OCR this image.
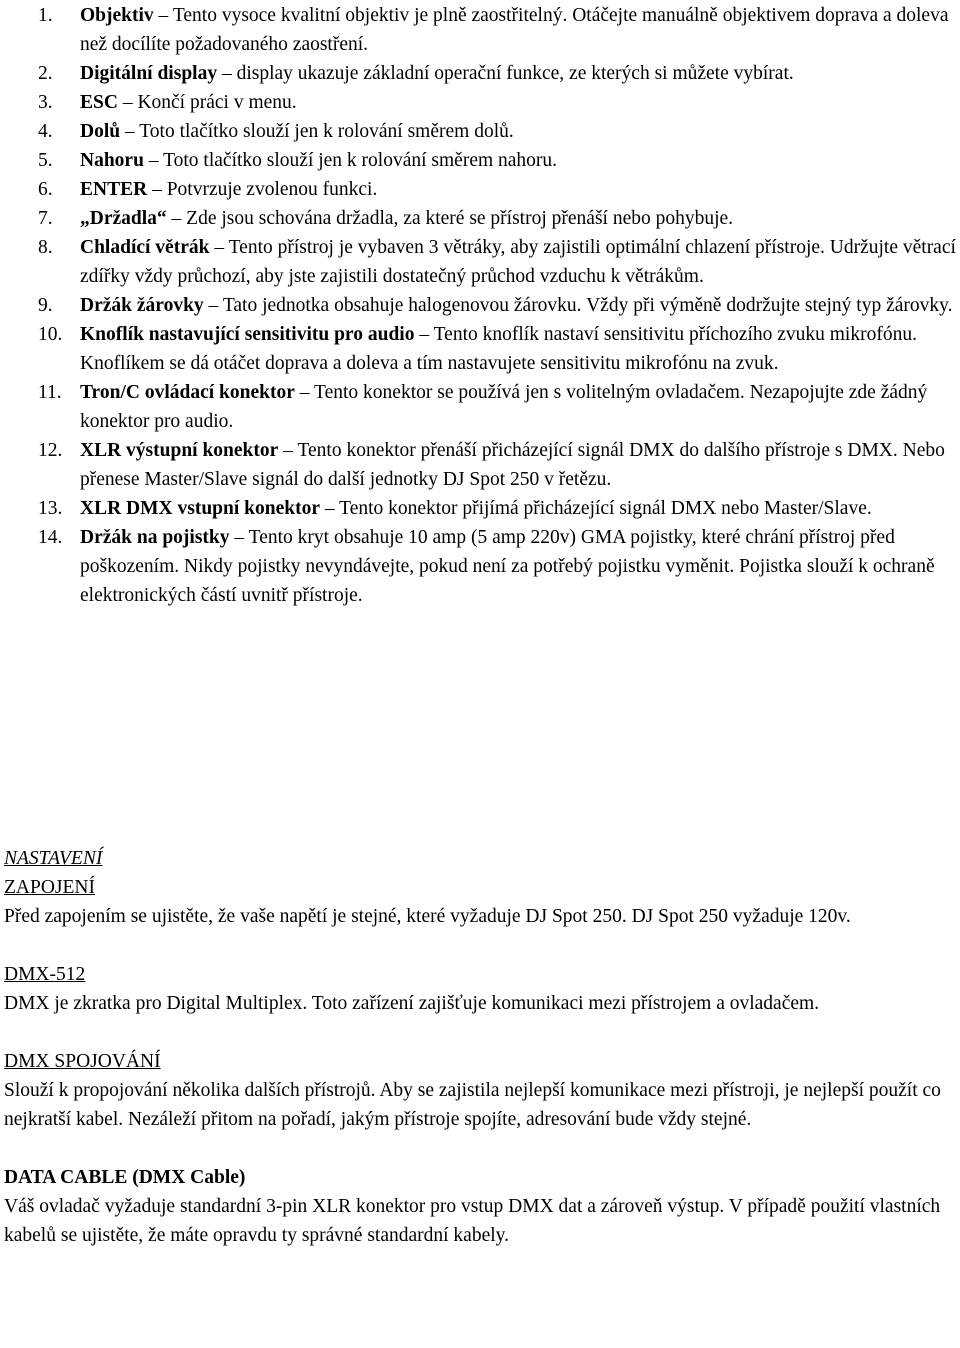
1.	Objektiv – Tento vysoce kvalitní objektiv je plně zaostřitelný. Otáčejte manuálně objektivem doprava a doleva než docílíte požadovaného zaostření.
2.	Digitální display – display ukazuje základní operační funkce, ze kterých si můžete vybírat.
3.	ESC – Končí práci v menu.
4.	Dolů – Toto tlačítko slouží jen k rolování směrem dolů.
5.	Nahoru – Toto tlačítko slouží jen k rolování směrem nahoru.
6.	ENTER – Potvrzuje zvolenou funkci.
7.	„Držadla“ – Zde jsou schována držadla, za které se přístroj přenáší nebo pohybuje.
8.	Chladící větrák – Tento přístroj je vybaven 3 větráky, aby zajistili optimální chlazení přístroje. Udržujte větrací zdířky vždy průchozí, aby jste zajistili dostatečný průchod vzduchu k větrákům.
9.	Držák žárovky – Tato jednotka obsahuje halogenovou žárovku. Vždy při výměně dodržujte stejný typ žárovky.
10. Knoflík nastavující sensitivitu pro audio – Tento knoflík nastaví sensitivitu příchozího zvuku mikrofónu. Knoflíkem se dá otáčet doprava a doleva a tím nastavujete sensitivitu mikrofónu na zvuk.
11. Tron/C ovládací konektor – Tento konektor se používá jen s volitelným ovladačem. Nezapojujte zde žádný konektor pro audio.
12. XLR výstupní konektor – Tento konektor přenáší přicházející signál DMX do dalšího přístroje s DMX. Nebo přenese Master/Slave signál do další jednotky DJ Spot 250 v řetězu.
13. XLR DMX vstupní konektor – Tento konektor přijímá přicházející signál DMX nebo Master/Slave.
14. Držák na pojistky – Tento kryt obsahuje 10 amp (5 amp 220v) GMA pojistky, které chrání přístroj před poškozením. Nikdy pojistky nevyndávejte, pokud není za potřebý pojistku vyměnit. Pojistka slouží k ochraně elektronických částí uvnitř přístroje.
NASTAVENÍ
ZAPOJENÍ

Před zapojením se ujistěte, že vaše napětí je stejné, které vyžaduje DJ Spot 250. DJ Spot 250 vyžaduje 120v.

DMX-512

DMX je zkratka pro Digital Multiplex. Toto zařízení zajišťuje komunikaci mezi přístrojem a ovladačem.

DMX SPOJOVÁNÍ

Slouží k propojování několika dalších přístrojů. Aby se zajistila nejlepší komunikace mezi přístroji, je nejlepší použít co nejkratší kabel. Nezáleží přitom na pořadí, jakým přístroje spojíte, adresování bude vždy stejné.

DATA CABLE (DMX Cable)

Váš ovladač vyžaduje standardní 3-pin XLR konektor pro vstup DMX dat a zároveň výstup. V případě použití vlastních kabelů se ujistěte, že máte opravdu ty správné standardní kabely.
